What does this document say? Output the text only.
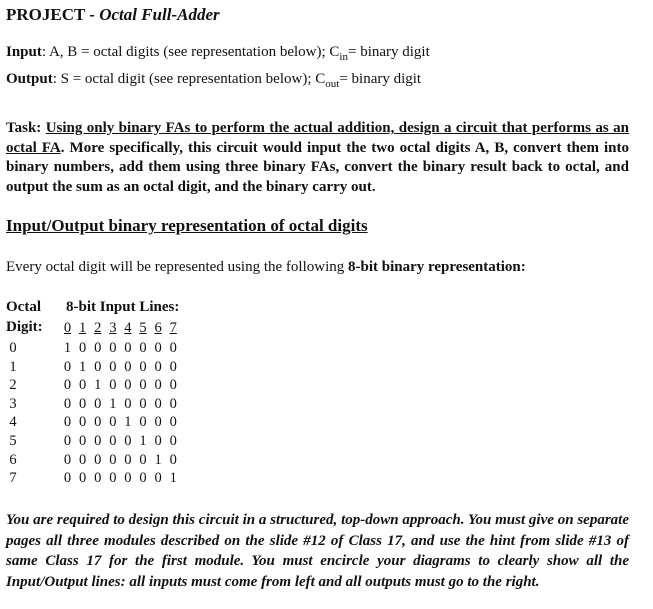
PROJECT - Octal Full-Adder
Input: A, B = octal digits (see representation below); $C_{in}=$ binary digit
Output: S = octal digit (see representation below); $C_{out}=$ binary digit
Task: Using only binary FAs to perform the actual addition, design a circuit that performs as an octal FA. More specifically, this circuit would input the two octal digits A, B, convert them into binary numbers, add them using three binary FAs, convert the binary result back to octal, and output the sum as an octal digit, and the binary carry out.
Input/Output binary representation of octal digits
Every octal digit will be represented using the following 8-bit binary representation:
Octal 8-bit Input Lines:
Digit: 0 1 2 3 4 5 6 7
0	1 0 0 0 0 0 0 0
1	0 1 0 0 0 0 0 0
2	0 0 1 0 0 0 0 0
3	0 0 0 1 0 0 0 0
4	0 0 0 0 1 0 0 0
5	0 0 0 0 0 1 0 0
6	0 0 0 0 0 0 1 0
7	0 0 0 0 0 0 0 1
You are required to design this circuit in a structured, top-down approach. You must give on separate pages all three modules described on the slide #12 of Class 17, and use the hint from slide #13 of same Class 17 for the first module. You must encircle your diagrams to clearly show all the Input/Output lines: all inputs must come from left and all outputs must go to the right.
